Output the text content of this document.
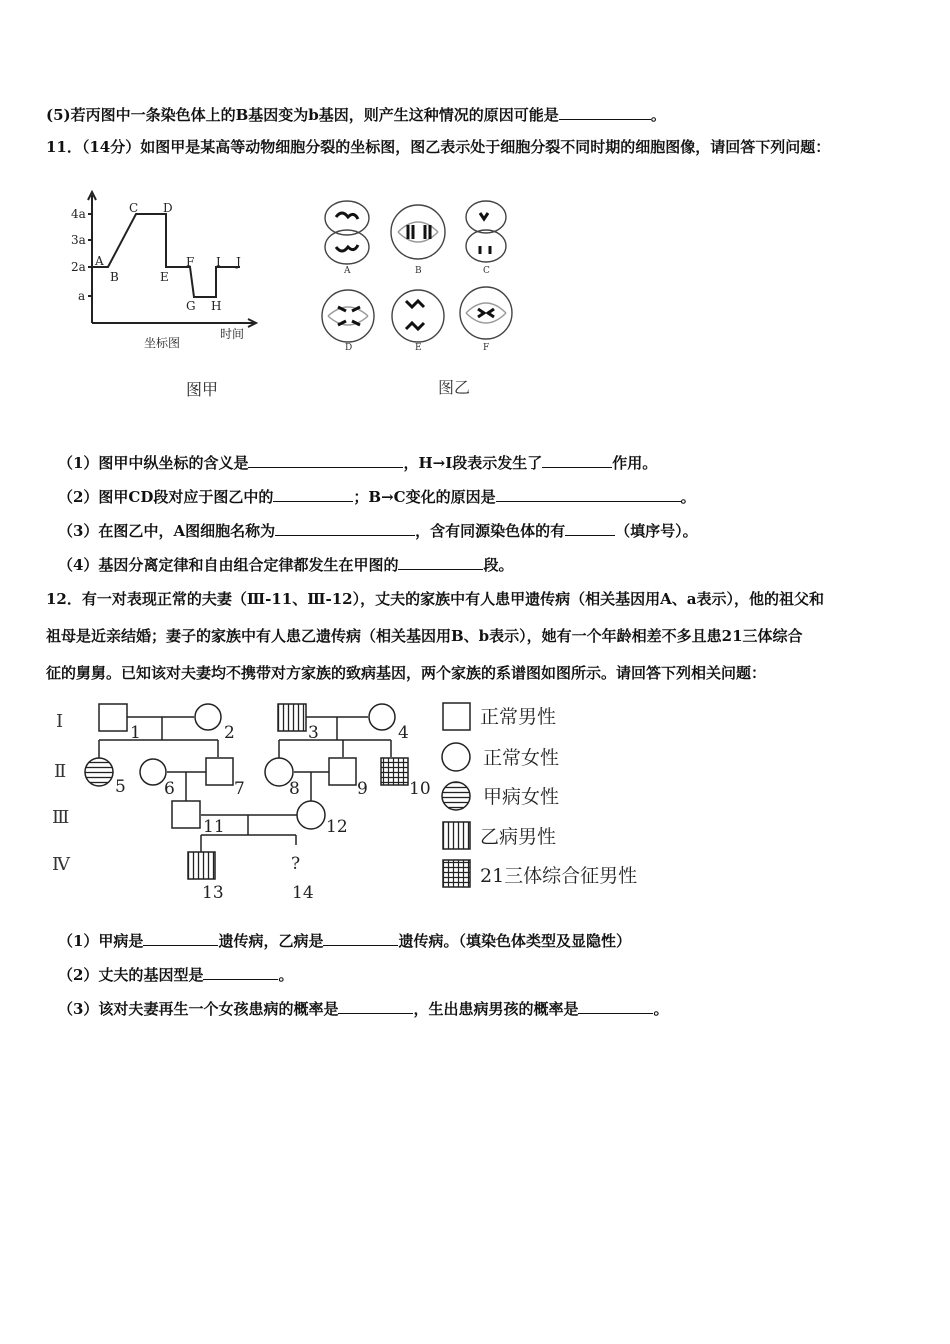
(5)若丙图中一条染色体上的B基因变为b基因，则产生这种情况的原因可能是	。
11．（14分）如图甲是某高等动物细胞分裂的坐标图，图乙表示处于细胞分裂不同时期的细胞图像，请回答下列问题：
4a
3a
2a
a
A
B
C D
E
F
G H
I J
坐标图
时间
图甲
A	B	C
D	E	F
图乙
（1）图甲中纵坐标的含义是	，H→I段表示发生了	作用。
（2）图甲CD段对应于图乙中的	；B→C变化的原因是	。
（3）在图乙中，A图细胞名称为	，含有同源染色体的有	（填序号）。
（4）基因分离定律和自由组合定律都发生在甲图的	段。
12．有一对表现正常的夫妻（Ⅲ-11、Ⅲ-12），丈夫的家族中有人患甲遗传病（相关基因用A、a表示），他的祖父和
祖母是近亲结婚；妻子的家族中有人患乙遗传病（相关基因用B、b表示），她有一个年龄相差不多且患21三体综合
征的舅舅。已知该对夫妻均不携带对方家族的致病基因，两个家族的系谱图如图所示。请回答下列相关问题：
Ⅰ
Ⅱ
Ⅲ
Ⅳ
1	2	3	4
5 6	7	8	9 10
11	12
13	14
?
正常男性
正常女性
甲病女性
乙病男性
21三体综合征男性
（1）甲病是	遗传病，乙病是	遗传病。（填染色体类型及显隐性）
（2）丈夫的基因型是	。
（3）该对夫妻再生一个女孩患病的概率是	，生出患病男孩的概率是	。
